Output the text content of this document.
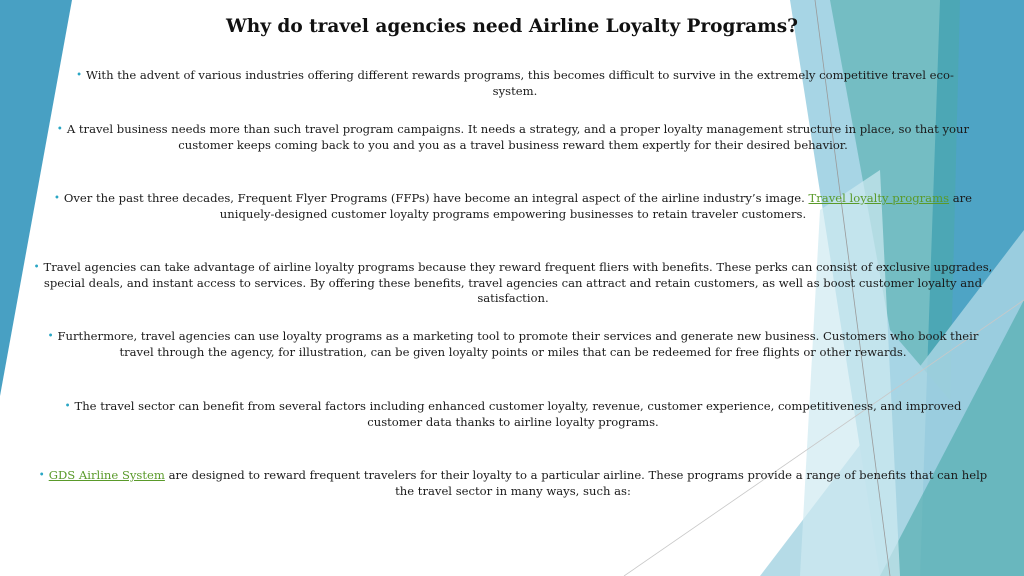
Why do travel agencies need Airline Loyalty Programs?

• With the advent of various industries offering different rewards programs, this becomes difficult to survive in the extremely competitive travel eco-system.

• A travel business needs more than such travel program campaigns. It needs a strategy, and a proper loyalty management structure in place, so that your customer keeps coming back to you and you as a travel business reward them expertly for their desired behavior.

• Over the past three decades, Frequent Flyer Programs (FFPs) have become an integral aspect of the airline industry’s image. Travel loyalty programs are uniquely-designed customer loyalty programs empowering businesses to retain traveler customers.

• Travel agencies can take advantage of airline loyalty programs because they reward frequent fliers with benefits. These perks can consist of exclusive upgrades, special deals, and instant access to services. By offering these benefits, travel agencies can attract and retain customers, as well as boost customer loyalty and satisfaction.

• Furthermore, travel agencies can use loyalty programs as a marketing tool to promote their services and generate new business. Customers who book their travel through the agency, for illustration, can be given loyalty points or miles that can be redeemed for free flights or other rewards.

• The travel sector can benefit from several factors including enhanced customer loyalty, revenue, customer experience, competitiveness, and improved customer data thanks to airline loyalty programs.

• GDS Airline System are designed to reward frequent travelers for their loyalty to a particular airline. These programs provide a range of benefits that can help the travel sector in many ways, such as:
